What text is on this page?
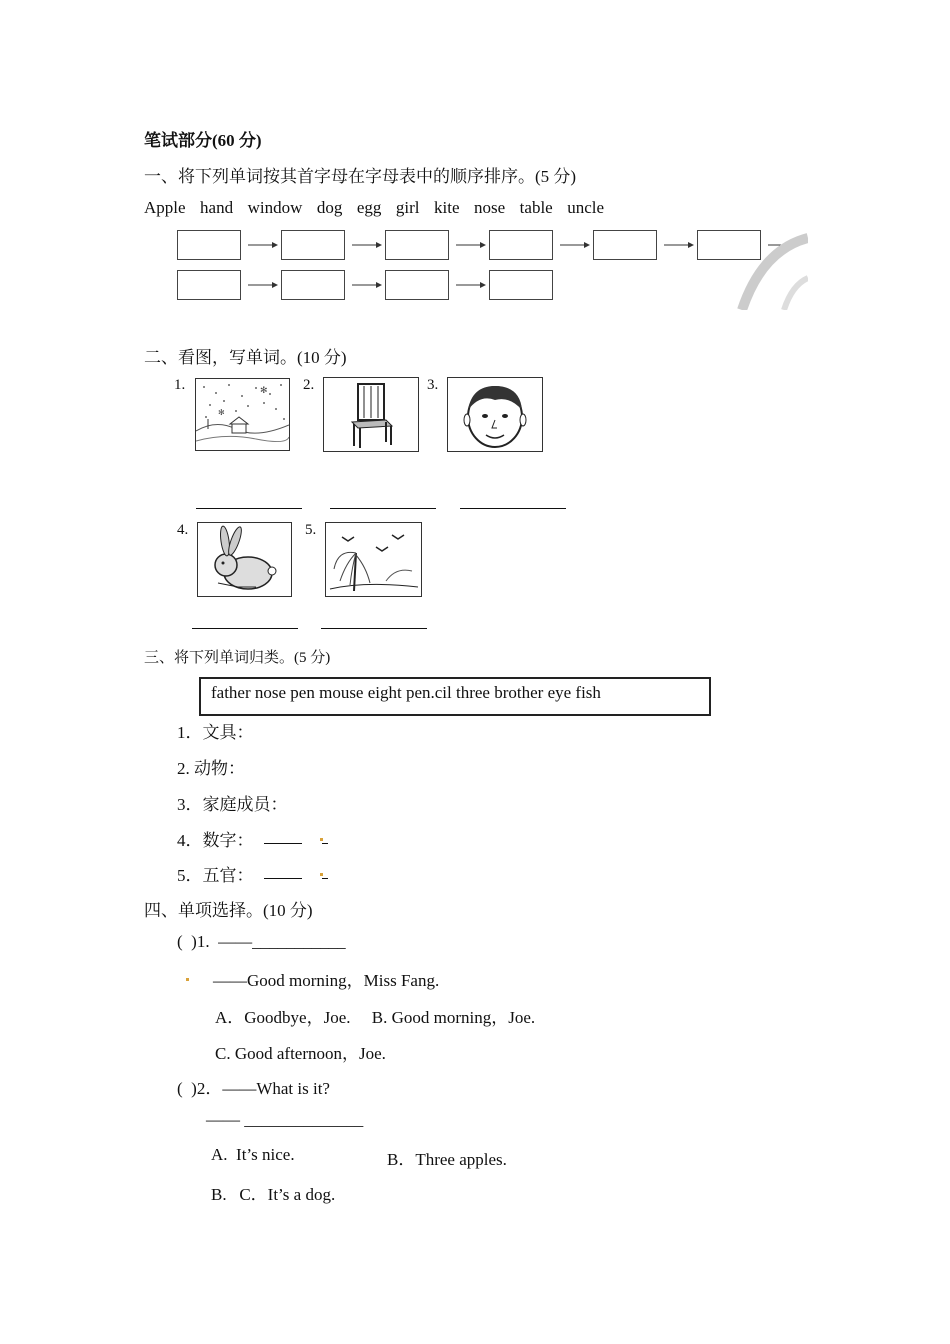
笔试部分(60 分)
一、将下列单词按其首字母在字母表中的顺序排序。(5 分)
Apple  hand  window  dog  egg  girl  kite  nose  table  uncle
二、看图，写单词。(10 分)
1.	✻
✻
2.	3.
4.	5.
三、将下列单词归类。(5 分)
father nose pen mouse eight pen.cil three brother eye fish
1．文具：
2. 动物：
3．家庭成员：
4．数字：
5．五官：
四、单项选择。(10 分)
(  )1.  ——___________
——Good morning，Miss Fang.
A．Goodbye，Joe.     B. Good morning，Joe.
C. Good afternoon，Joe.
(  )2．——What is it?
—— ______________
A.  It’s nice.	B．Three apples.
B.   C．It’s a dog.
